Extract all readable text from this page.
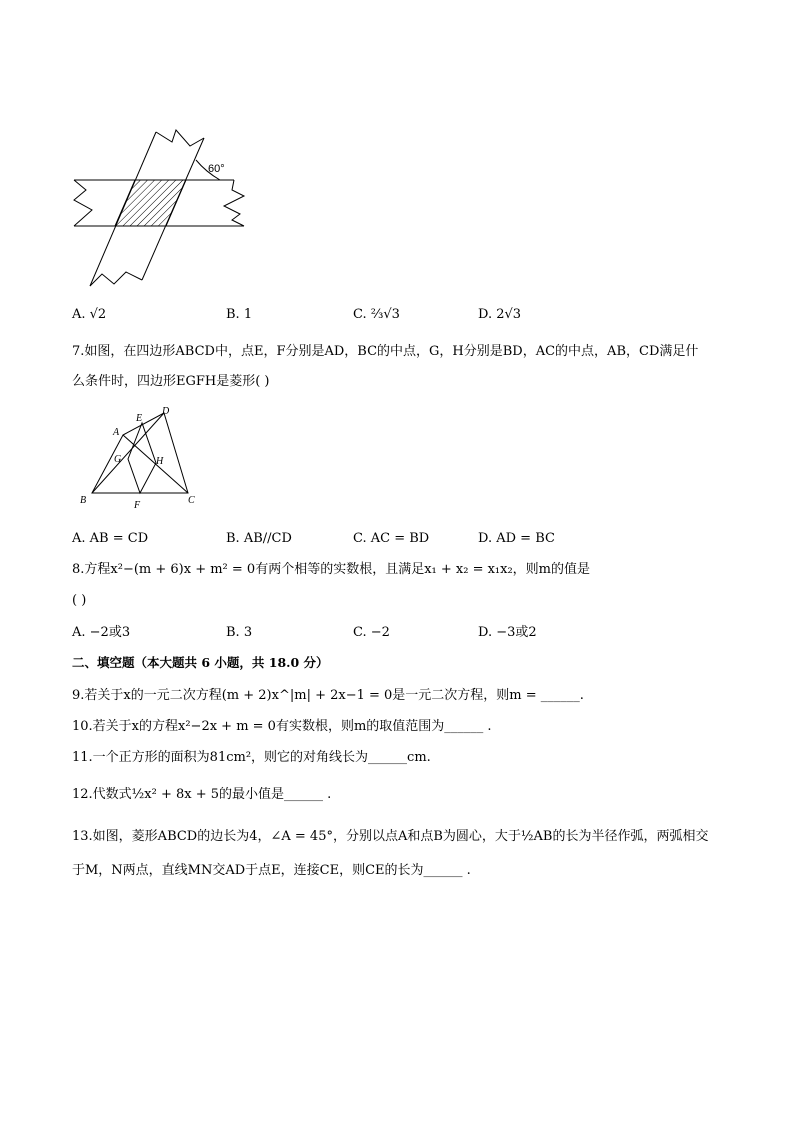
60°
A. √2	B. 1	C. ⅔√3	D. 2√3
7.如图，在四边形ABCD中，点E，F分别是AD，BC的中点，G，H分别是BD，AC的中点，AB，CD满足什
么条件时，四边形EGFH是菱形( )
A
E
D
G	H
B	F	C
A. AB = CD	B. AB//CD	C. AC = BD	D. AD = BC
8.方程x²−(m + 6)x + m² = 0有两个相等的实数根，且满足x₁ + x₂ = x₁x₂，则m的值是
( )
A. −2或3	B. 3	C. −2	D. −3或2
二、填空题（本大题共 6 小题，共 18.0 分）
9.若关于x的一元二次方程(m + 2)x^|m| + 2x−1 = 0是一元二次方程，则m = ______.
10.若关于x的方程x²−2x + m = 0有实数根，则m的取值范围为______ .
11.一个正方形的面积为81cm²，则它的对角线长为______cm.
12.代数式½x² + 8x + 5的最小值是______ .
13.如图，菱形ABCD的边长为4，∠A = 45°，分别以点A和点B为圆心，大于½AB的长为半径作弧，两弧相交
于M，N两点，直线MN交AD于点E，连接CE，则CE的长为______ .
